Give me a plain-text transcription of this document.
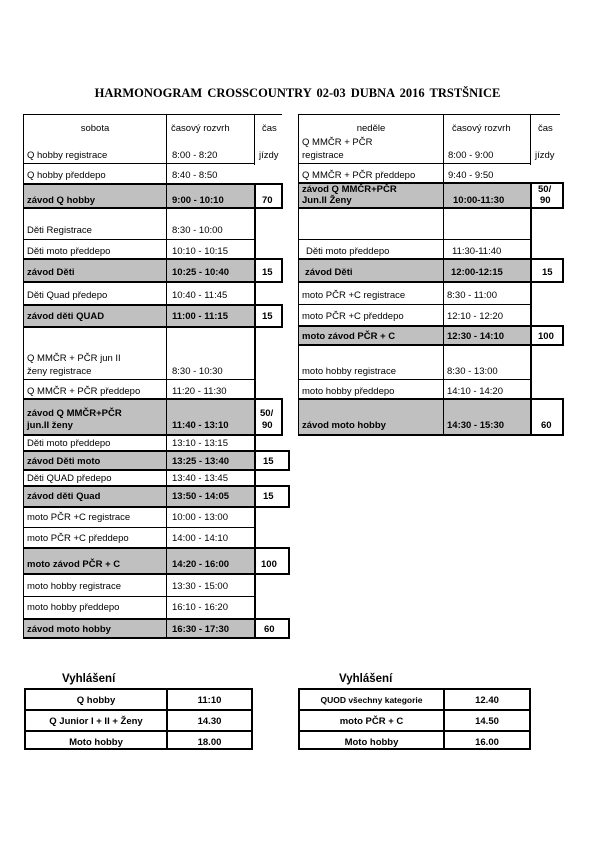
HARMONOGRAM CROSSCOUNTRY 02-03 DUBNA 2016 TRSTŠNICE
sobota	časový rozvrh	čas
jízdy
Q hobby registrace	8:00 - 8:20
Q hobby předdepo	8:40 - 8:50
závod Q hobby	9:00 - 10:10	70
Děti Registrace	8:30 - 10:00
Děti moto předdepo	10:10 - 10:15
závod Děti	10:25 - 10:40	15
Děti Quad předepo	10:40 - 11:45
závod děti QUAD	11:00 - 11:15	15
Q MMČR + PČR jun II
ženy registrace	8:30 - 10:30
Q MMČR + PČR předdepo	11:20 - 11:30
závod Q MMČR+PČR
jun.II ženy	11:40 - 13:10
50/
90
Děti moto předdepo	13:10 - 13:15
závod Děti moto	13:25 - 13:40	15
Děti QUAD předepo	13:40 - 13:45
závod děti Quad	13:50 - 14:05	15
moto PČR +C registrace	10:00 - 13:00
moto PČR +C předdepo	14:00 - 14:10
moto závod PČR + C	14:20 - 16:00	100
moto hobby registrace	13:30 - 15:00
moto hobby předdepo	16:10 - 16:20
závod moto hobby	16:30 - 17:30	60
neděle	časový rozvrh	čas
jízdy
Q MMČR + PČR
registrace	8:00 - 9:00
Q MMČR + PČR předdepo	9:40 - 9:50
závod Q MMČR+PČR
Jun.II Ženy	10:00-11:30
50/
90
Děti moto předdepo	11:30-11:40
závod Děti	12:00-12:15	15
moto PČR +C registrace	8:30 - 11:00
moto PČR +C předdepo	12:10 - 12:20
moto závod PČR + C	12:30 - 14:10	100
moto hobby registrace	8:30 - 13:00
moto hobby předdepo	14:10 - 14:20
závod moto hobby	14:30 - 15:30	60
Vyhlášení
Q hobby	11:10
Q Junior I + II + Ženy	14.30
Moto hobby	18.00
Vyhlášení
QUOD všechny kategorie	12.40
moto PČR + C	14.50
Moto hobby	16.00
